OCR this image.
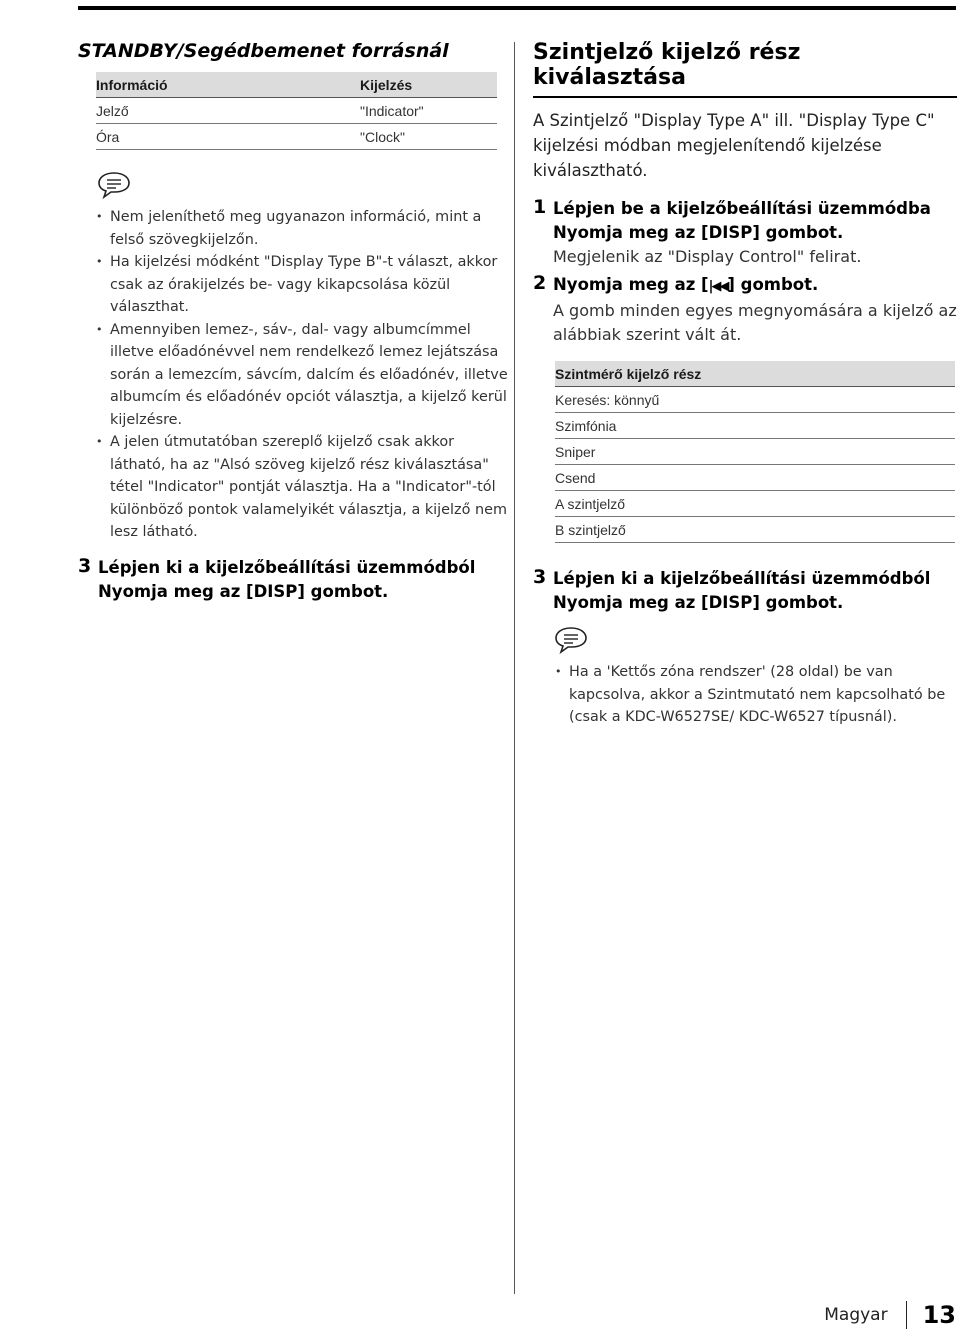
STANDBY/Segédbemenet forrásnál
Információ	Kijelzés
Jelző	"Indicator"
Óra	"Clock"
• Nem jeleníthető meg ugyanazon információ, mint a felső szövegkijelzőn.
• Ha kijelzési módként "Display Type B"-t választ, akkor csak az órakijelzés be- vagy kikapcsolása közül választhat.
• Amennyiben lemez-, sáv-, dal- vagy albumcímmel illetve előadónévvel nem rendelkező lemez lejátszása során a lemezcím, sávcím, dalcím és előadónév, illetve albumcím és előadónév opciót választja, a kijelző kerül kijelzésre.
• A jelen útmutatóban szereplő kijelző csak akkor látható, ha az "Alsó szöveg kijelző rész kiválasztása" tétel "Indicator" pontját választja. Ha a "Indicator"-tól különböző pontok valamelyikét választja, a kijelző nem lesz látható.
3 Lépjen ki a kijelzőbeállítási üzemmódból
Nyomja meg az [DISP] gombot.
Szintjelző kijelző rész kiválasztása
A Szintjelző "Display Type A" ill. "Display Type C" kijelzési módban megjelenítendő kijelzése kiválasztható.
1 Lépjen be a kijelzőbeállítási üzemmódba
Nyomja meg az [DISP] gombot.
Megjelenik az "Display Control" felirat.
2 Nyomja meg az [|◀◀] gombot.
A gomb minden egyes megnyomására a kijelző az alábbiak szerint vált át.
Szintmérő kijelző rész
Keresés: könnyű
Szimfónia
Sniper
Csend
A szintjelző
B szintjelző
3 Lépjen ki a kijelzőbeállítási üzemmódból
Nyomja meg az [DISP] gombot.
• Ha a 'Kettős zóna rendszer' (28 oldal) be van kapcsolva, akkor a Szintmutató nem kapcsolható be (csak a KDC-W6527SE/ KDC-W6527 típusnál).
Magyar 13
